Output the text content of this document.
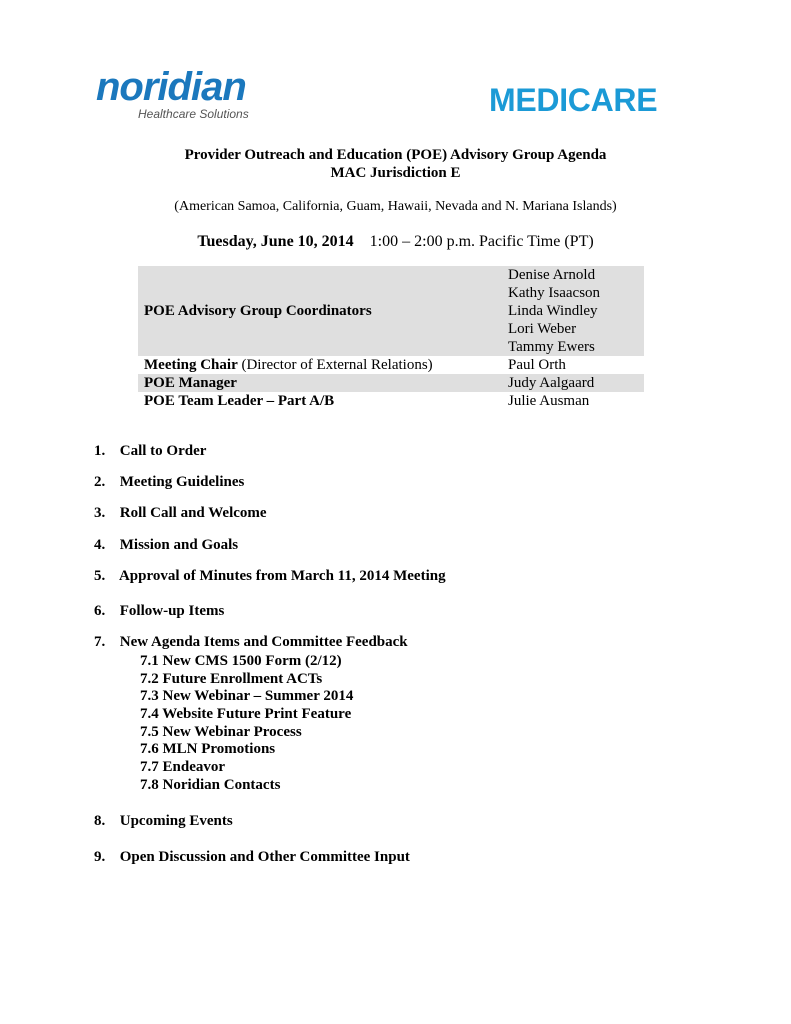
noridian
Healthcare Solutions	MEDICARE
Provider Outreach and Education (POE) Advisory Group Agenda
MAC Jurisdiction E
(American Samoa, California, Guam, Hawaii, Nevada and N. Mariana Islands)
Tuesday, June 10, 2014 1:00 – 2:00 p.m. Pacific Time (PT)
POE Advisory Group Coordinators	Denise Arnold
Kathy Isaacson
Linda Windley
Lori Weber
Tammy Ewers

Meeting Chair (Director of External Relations)	Paul Orth

POE Manager	Judy Aalgaard

POE Team Leader – Part A/B	Julie Ausman
1. Call to Order
2. Meeting Guidelines
3. Roll Call and Welcome
4. Mission and Goals
5. Approval of Minutes from March 11, 2014 Meeting
6. Follow-up Items
7. New Agenda Items and Committee Feedback
7.1 New CMS 1500 Form (2/12)
7.2 Future Enrollment ACTs
7.3 New Webinar – Summer 2014
7.4 Website Future Print Feature
7.5 New Webinar Process
7.6 MLN Promotions
7.7 Endeavor
7.8 Noridian Contacts
8. Upcoming Events
9. Open Discussion and Other Committee Input
